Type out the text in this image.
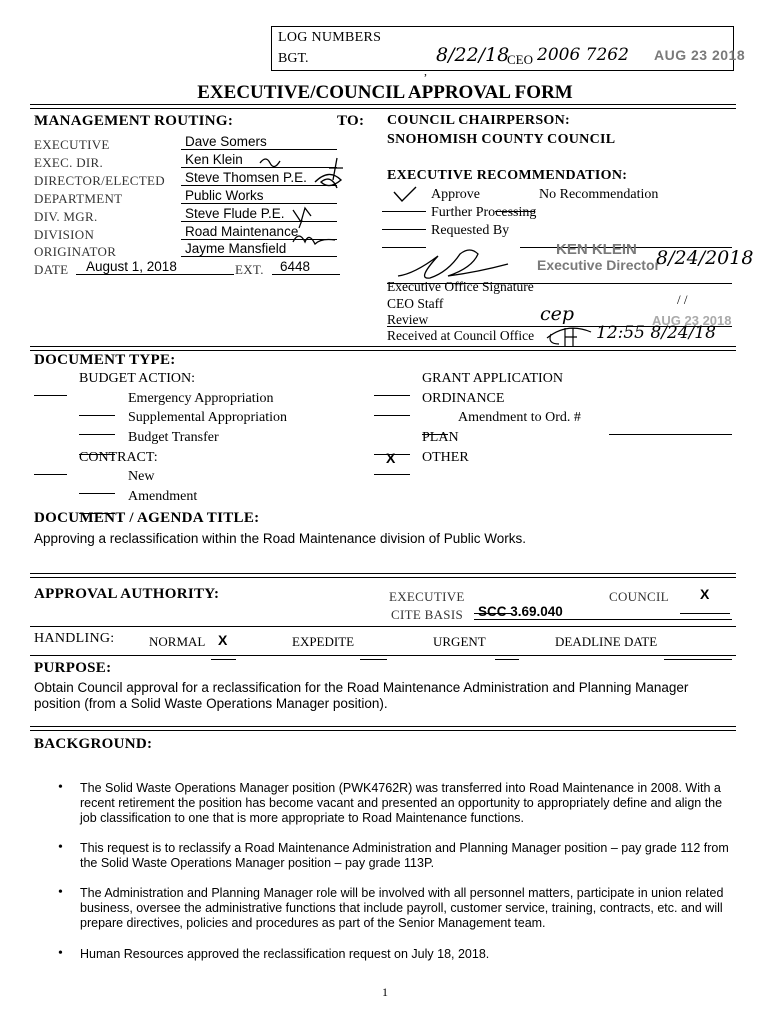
LOG NUMBERS
BGT.
,
8/22/18
CEO 2006 7262 AUG 23 2018
EXECUTIVE/COUNCIL APPROVAL FORM
MANAGEMENT ROUTING:	TO:
EXECUTIVE	Dave Somers
EXEC. DIR.	Ken Klein
DIRECTOR/ELECTED Steve Thomsen P.E.
DEPARTMENT	Public Works
DIV. MGR.	Steve Flude P.E.
DIVISION	Road Maintenance
ORIGINATOR	Jayme Mansfield
DATE	August 1, 2018	EXT.	6448
COUNCIL CHAIRPERSON:
SNOHOMISH COUNTY COUNCIL
EXECUTIVE RECOMMENDATION:
Approve	No Recommendation
Further Processing
Requested By
KEN KLEIN
Executive Director
8/24/2018
Executive Office Signature
CEO Staff	/ /
Review	cep	AUG 23 2018
Received at Council Office	12:55 8/24/18
DOCUMENT TYPE:
BUDGET ACTION:
Emergency Appropriation
Supplemental Appropriation
Budget Transfer
CONTRACT:
New
Amendment
GRANT APPLICATION
ORDINANCE
Amendment to Ord. #
PLAN
X OTHER
DOCUMENT / AGENDA TITLE:
Approving a reclassification within the Road Maintenance division of Public Works.
APPROVAL AUTHORITY:	EXECUTIVE	COUNCIL X
CITE BASIS SCC 3.69.040
HANDLING:	NORMAL X	EXPEDITE	URGENT	DEADLINE DATE
PURPOSE:
Obtain Council approval for a reclassification for the Road Maintenance Administration and Planning Manager position (from a Solid Waste Operations Manager position).
BACKGROUND:
• The Solid Waste Operations Manager position (PWK4762R) was transferred into Road Maintenance in 2008. With a recent retirement the position has become vacant and presented an opportunity to appropriately define and align the job classification to one that is more appropriate to Road Maintenance functions.
• This request is to reclassify a Road Maintenance Administration and Planning Manager position – pay grade 112 from the Solid Waste Operations Manager position – pay grade 113P.
• The Administration and Planning Manager role will be involved with all personnel matters, participate in union related business, oversee the administrative functions that include payroll, customer service, training, contracts, etc. and will prepare directives, policies and procedures as part of the Senior Management team.
• Human Resources approved the reclassification request on July 18, 2018.
1
